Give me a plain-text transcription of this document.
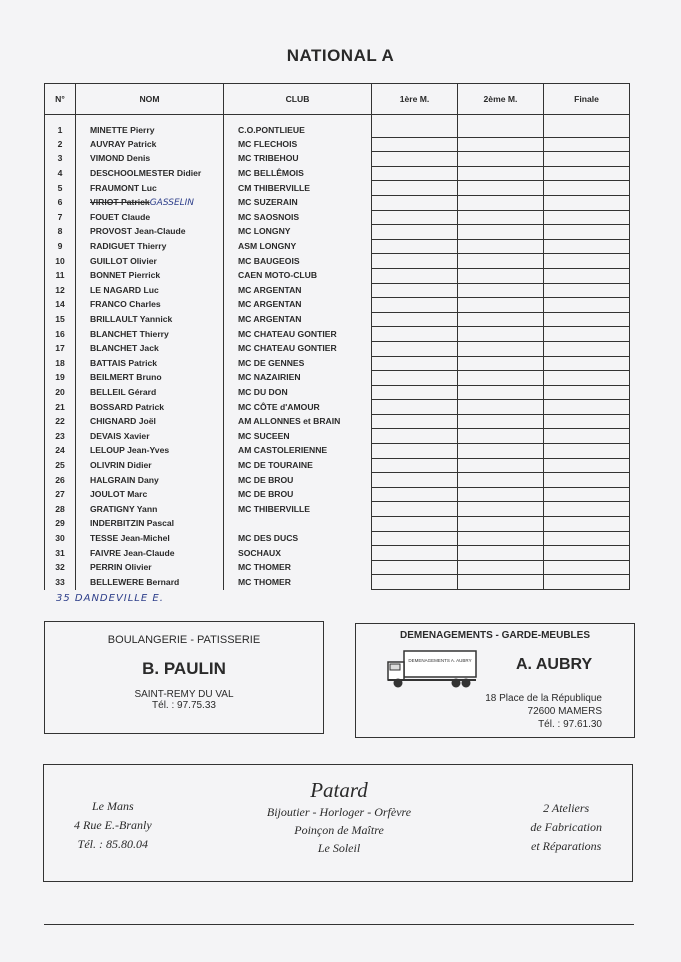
NATIONAL A
N°	NOM	CLUB	1ère M.	2ème M.	Finale

1	MINETTE Pierry	C.O.PONTLIEUE			
2	AUVRAY Patrick	MC FLECHOIS			
3	VIMOND Denis	MC TRIBEHOU			
4	DESCHOOLMESTER Didier	MC BELLÊMOIS			
5	FRAUMONT Luc	CM THIBERVILLE			
6	VIRIOT PatrickGASSELIN	MC SUZERAIN			
7	FOUET Claude	MC SAOSNOIS			
8	PROVOST Jean-Claude	MC LONGNY			
9	RADIGUET Thierry	ASM LONGNY			
10	GUILLOT Olivier	MC BAUGEOIS			
11	BONNET Pierrick	CAEN MOTO-CLUB			
12	LE NAGARD Luc	MC ARGENTAN			
14	FRANCO Charles	MC ARGENTAN			
15	BRILLAULT Yannick	MC ARGENTAN			
16	BLANCHET Thierry	MC CHATEAU GONTIER			
17	BLANCHET Jack	MC CHATEAU GONTIER			
18	BATTAIS Patrick	MC DE GENNES			
19	BEILMERT Bruno	MC NAZAIRIEN			
20	BELLEIL Gérard	MC DU DON			
21	BOSSARD Patrick	MC CÔTE d'AMOUR			
22	CHIGNARD Joël	AM ALLONNES et BRAIN			
23	DEVAIS Xavier	MC SUCEEN			
24	LELOUP Jean-Yves	AM CASTOLERIENNE			
25	OLIVRIN Didier	MC DE TOURAINE			
26	HALGRAIN Dany	MC DE BROU			
27	JOULOT Marc	MC DE BROU			
28	GRATIGNY Yann	MC THIBERVILLE			
29	INDERBITZIN Pascal				
30	TESSE Jean-Michel	MC DES DUCS			
31	FAIVRE Jean-Claude	SOCHAUX			
32	PERRIN Olivier	MC THOMER			
33	BELLEWERE Bernard	MC THOMER			
35 DANDEVILLE E.
BOULANGERIE - PATISSERIE
B. PAULIN
SAINT-REMY DU VAL
Tél. : 97.75.33
DEMENAGEMENTS - GARDE-MEUBLES
DEMENAGEMENTS A. AUBRY	A. AUBRY
18 Place de la République
72600 MAMERS
Tél. : 97.61.30
Le Mans
4 Rue E.-Branly
Tél. : 85.80.04
Patard
Bijoutier - Horloger - Orfèvre
Poinçon de Maître
Le Soleil
2 Ateliers
de Fabrication
et Réparations
